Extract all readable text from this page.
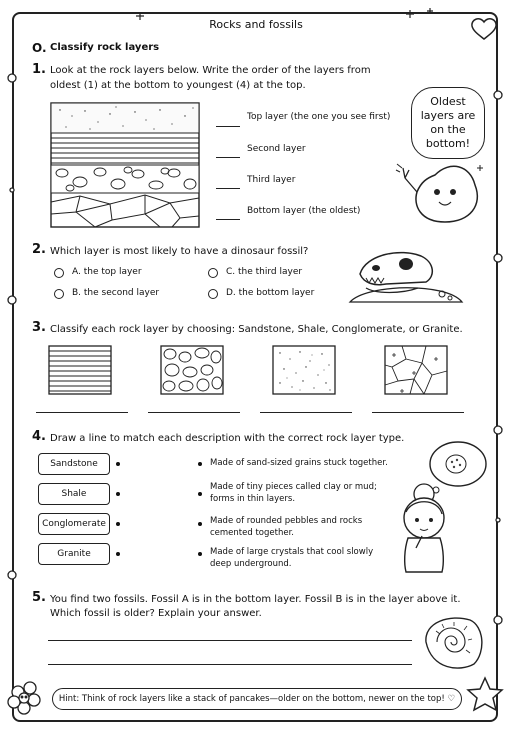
Rocks and fossils
O. Classify rock layers
1. Look at the rock layers below. Write the order of the layers from
oldest (1) at the bottom to youngest (4) at the top.
Top layer (the one you see first)
Second layer
Third layer
Bottom layer (the oldest)
Oldest
layers are
on the
bottom!
2. Which layer is most likely to have a dinosaur fossil?
A. the top layer	C. the third layer
B. the second layer	D. the bottom layer
3. Classify each rock layer by choosing: Sandstone, Shale, Conglomerate, or Granite.
4. Draw a line to match each description with the correct rock layer type.
Sandstone
Shale
Conglomerate
Granite
Made of sand-sized grains stuck together.
Made of tiny pieces called clay or mud;
forms in thin layers.
Made of rounded pebbles and rocks
cemented together.
Made of large crystals that cool slowly
deep underground.
5. You find two fossils. Fossil A is in the bottom layer. Fossil B is in the layer above it.
Which fossil is older? Explain your answer.
Hint: Think of rock layers like a stack of pancakes—older on the bottom, newer on the top! ♡
